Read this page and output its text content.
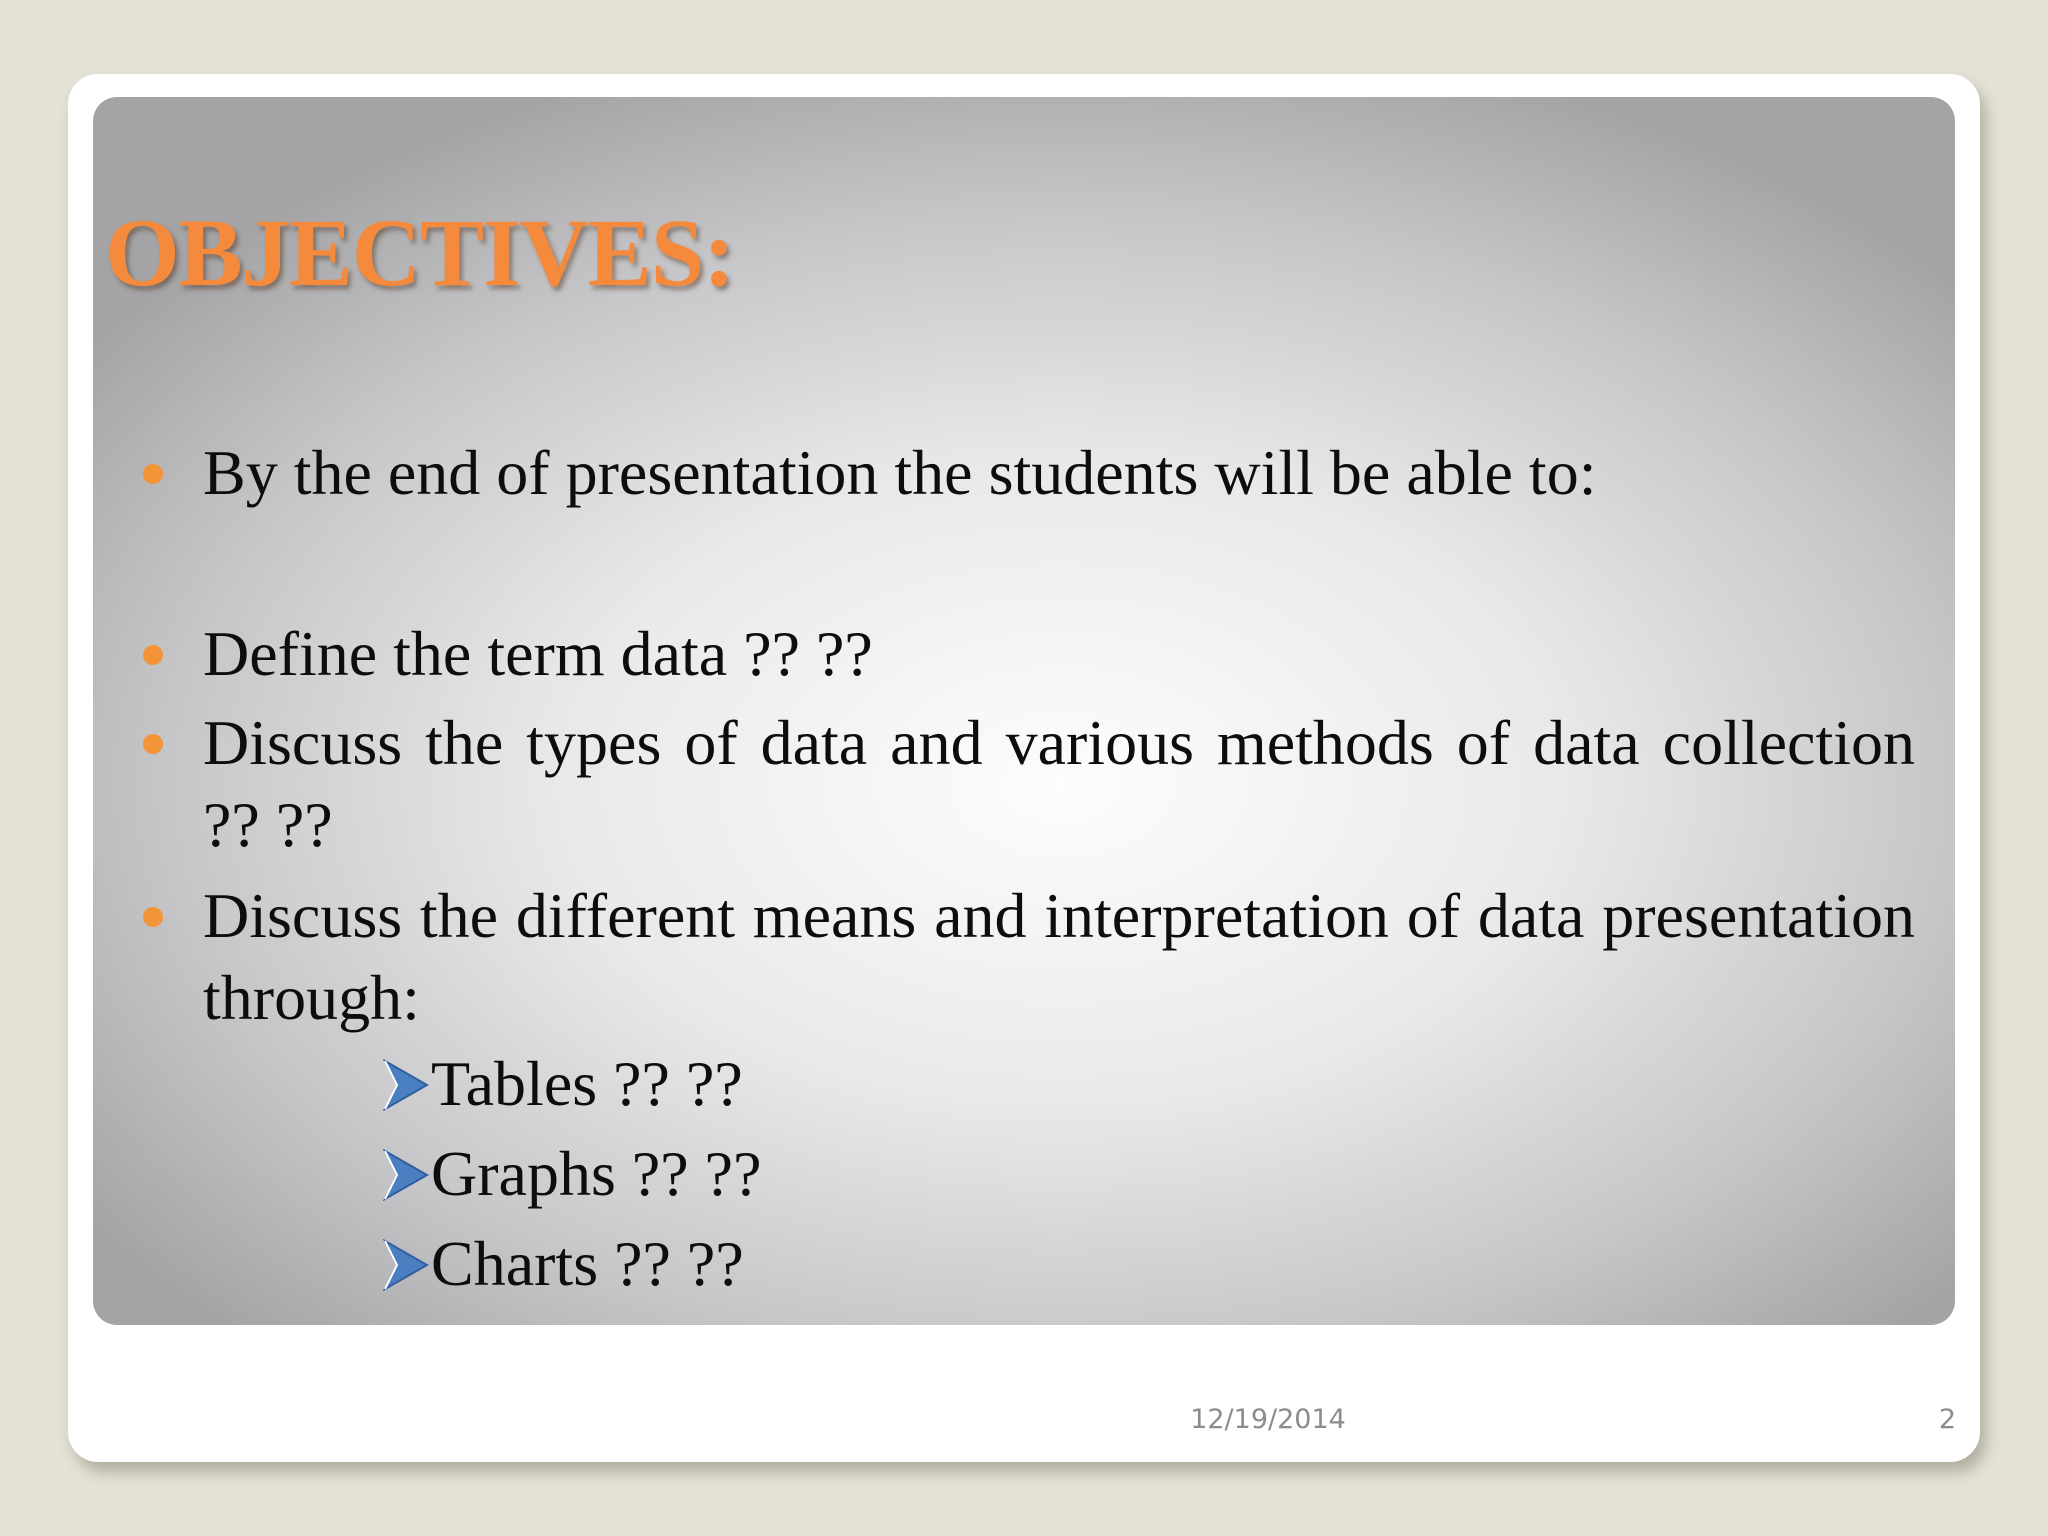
OBJECTIVES:
By the end of presentation the students will be able to:
Define the term data ?? ??
Discuss the types of data and various methods of data collection ?? ??
Discuss the different means and interpretation of data presentation through:
Tables ?? ??
Graphs ?? ??
Charts ?? ??
12/19/2014	2
